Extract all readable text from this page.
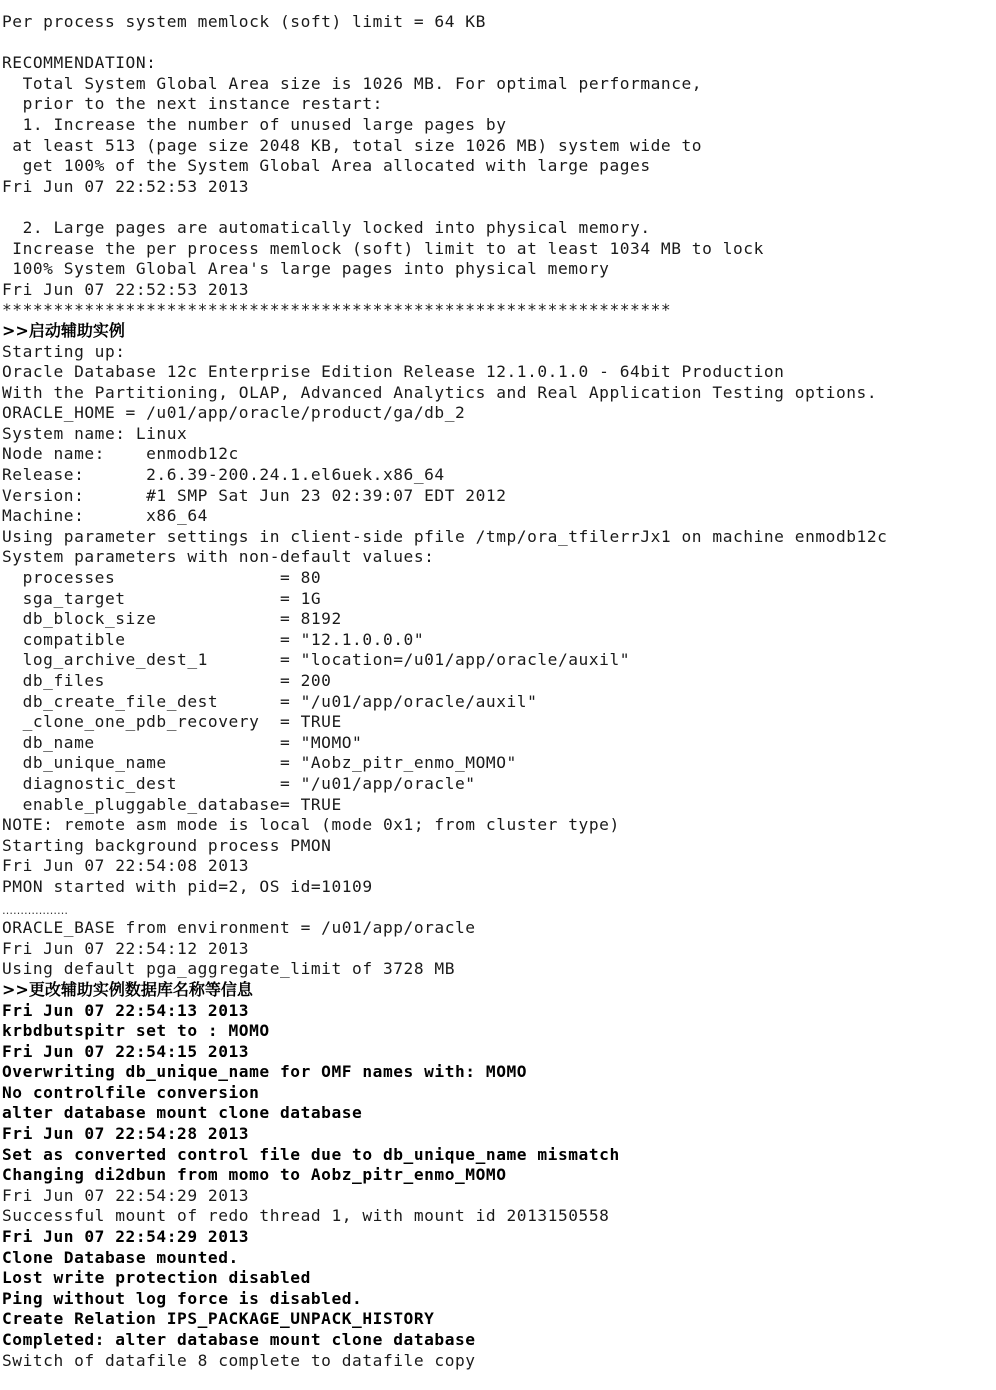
Per process system memlock (soft) limit = 64 KB
RECOMMENDATION:
Total System Global Area size is 1026 MB. For optimal performance,
prior to the next instance restart:
1. Increase the number of unused large pages by
at least 513 (page size 2048 KB, total size 1026 MB) system wide to
get 100% of the System Global Area allocated with large pages
Fri Jun 07 22:52:53 2013
2. Large pages are automatically locked into physical memory.
Increase the per process memlock (soft) limit to at least 1034 MB to lock
100% System Global Area's large pages into physical memory
Fri Jun 07 22:52:53 2013
*****************************************************************
>>启动辅助实例
Starting up:
Oracle Database 12c Enterprise Edition Release 12.1.0.1.0 - 64bit Production
With the Partitioning, OLAP, Advanced Analytics and Real Application Testing options.
ORACLE_HOME = /u01/app/oracle/product/ga/db_2
System name: Linux
Node name:    enmodb12c
Release:      2.6.39-200.24.1.el6uek.x86_64
Version:      #1 SMP Sat Jun 23 02:39:07 EDT 2012
Machine:      x86_64
Using parameter settings in client-side pfile /tmp/ora_tfilerrJx1 on machine enmodb12c
System parameters with non-default values:
processes                = 80
sga_target               = 1G
db_block_size            = 8192
compatible               = "12.1.0.0.0"
log_archive_dest_1       = "location=/u01/app/oracle/auxil"
db_files                 = 200
db_create_file_dest      = "/u01/app/oracle/auxil"
_clone_one_pdb_recovery  = TRUE
db_name                  = "MOMO"
db_unique_name           = "Aobz_pitr_enmo_MOMO"
diagnostic_dest          = "/u01/app/oracle"
enable_pluggable_database= TRUE
NOTE: remote asm mode is local (mode 0x1; from cluster type)
Starting background process PMON
Fri Jun 07 22:54:08 2013
PMON started with pid=2, OS id=10109
………………
ORACLE_BASE from environment = /u01/app/oracle
Fri Jun 07 22:54:12 2013
Using default pga_aggregate_limit of 3728 MB
>>更改辅助实例数据库名称等信息
Fri Jun 07 22:54:13 2013
krbdbutspitr set to : MOMO
Fri Jun 07 22:54:15 2013
Overwriting db_unique_name for OMF names with: MOMO
No controlfile conversion
alter database mount clone database
Fri Jun 07 22:54:28 2013
Set as converted control file due to db_unique_name mismatch
Changing di2dbun from momo to Aobz_pitr_enmo_MOMO
Fri Jun 07 22:54:29 2013
Successful mount of redo thread 1, with mount id 2013150558
Fri Jun 07 22:54:29 2013
Clone Database mounted.
Lost write protection disabled
Ping without log force is disabled.
Create Relation IPS_PACKAGE_UNPACK_HISTORY
Completed: alter database mount clone database
Switch of datafile 8 complete to datafile copy
